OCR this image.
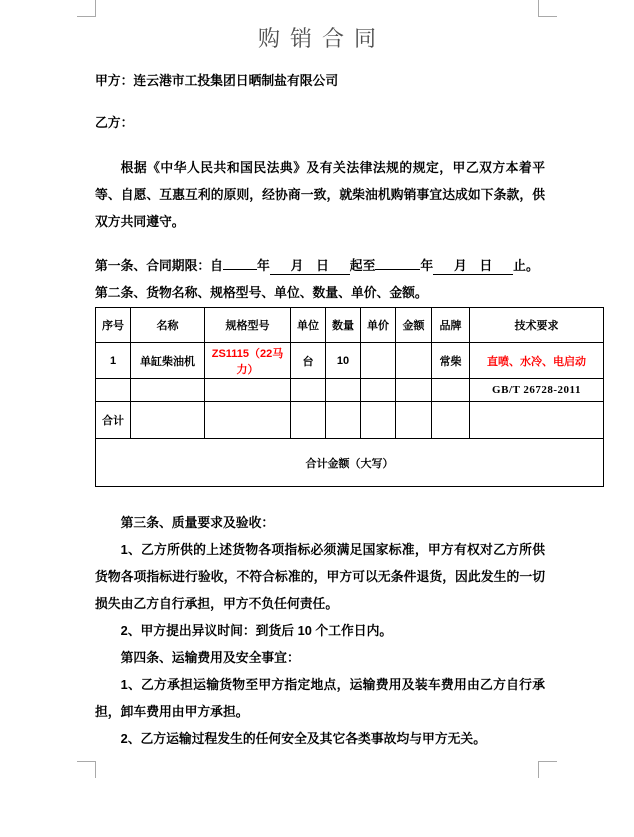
购销合同
甲方：连云港市工投集团日晒制盐有限公司
乙方：

根据《中华人民共和国民法典》及有关法律法规的规定，甲乙双方本着平等、自愿、互惠互利的原则，经协商一致，就柴油机购销事宜达成如下条款，供双方共同遵守。

第一条、合同期限：自	年 月　日 起至	年 月　日 止。
第二条、货物名称、规格型号、单位、数量、单价、金额。
序号	名称	规格型号	单位	数量	单价	金额	品牌	技术要求
1	单缸柴油机	ZS1115（22马力）	台	10			常柴	直喷、水冷、电启动
								GB/T 26728-2011
合计								
合计金额（大写）								

第三条、质量要求及验收：

1、乙方所供的上述货物各项指标必须满足国家标准，甲方有权对乙方所供货物各项指标进行验收，不符合标准的，甲方可以无条件退货，因此发生的一切损失由乙方自行承担，甲方不负任何责任。

2、甲方提出异议时间：到货后 10 个工作日内。

第四条、运输费用及安全事宜：

1、乙方承担运输货物至甲方指定地点，运输费用及装车费用由乙方自行承担，卸车费用由甲方承担。

2、乙方运输过程发生的任何安全及其它各类事故均与甲方无关。
